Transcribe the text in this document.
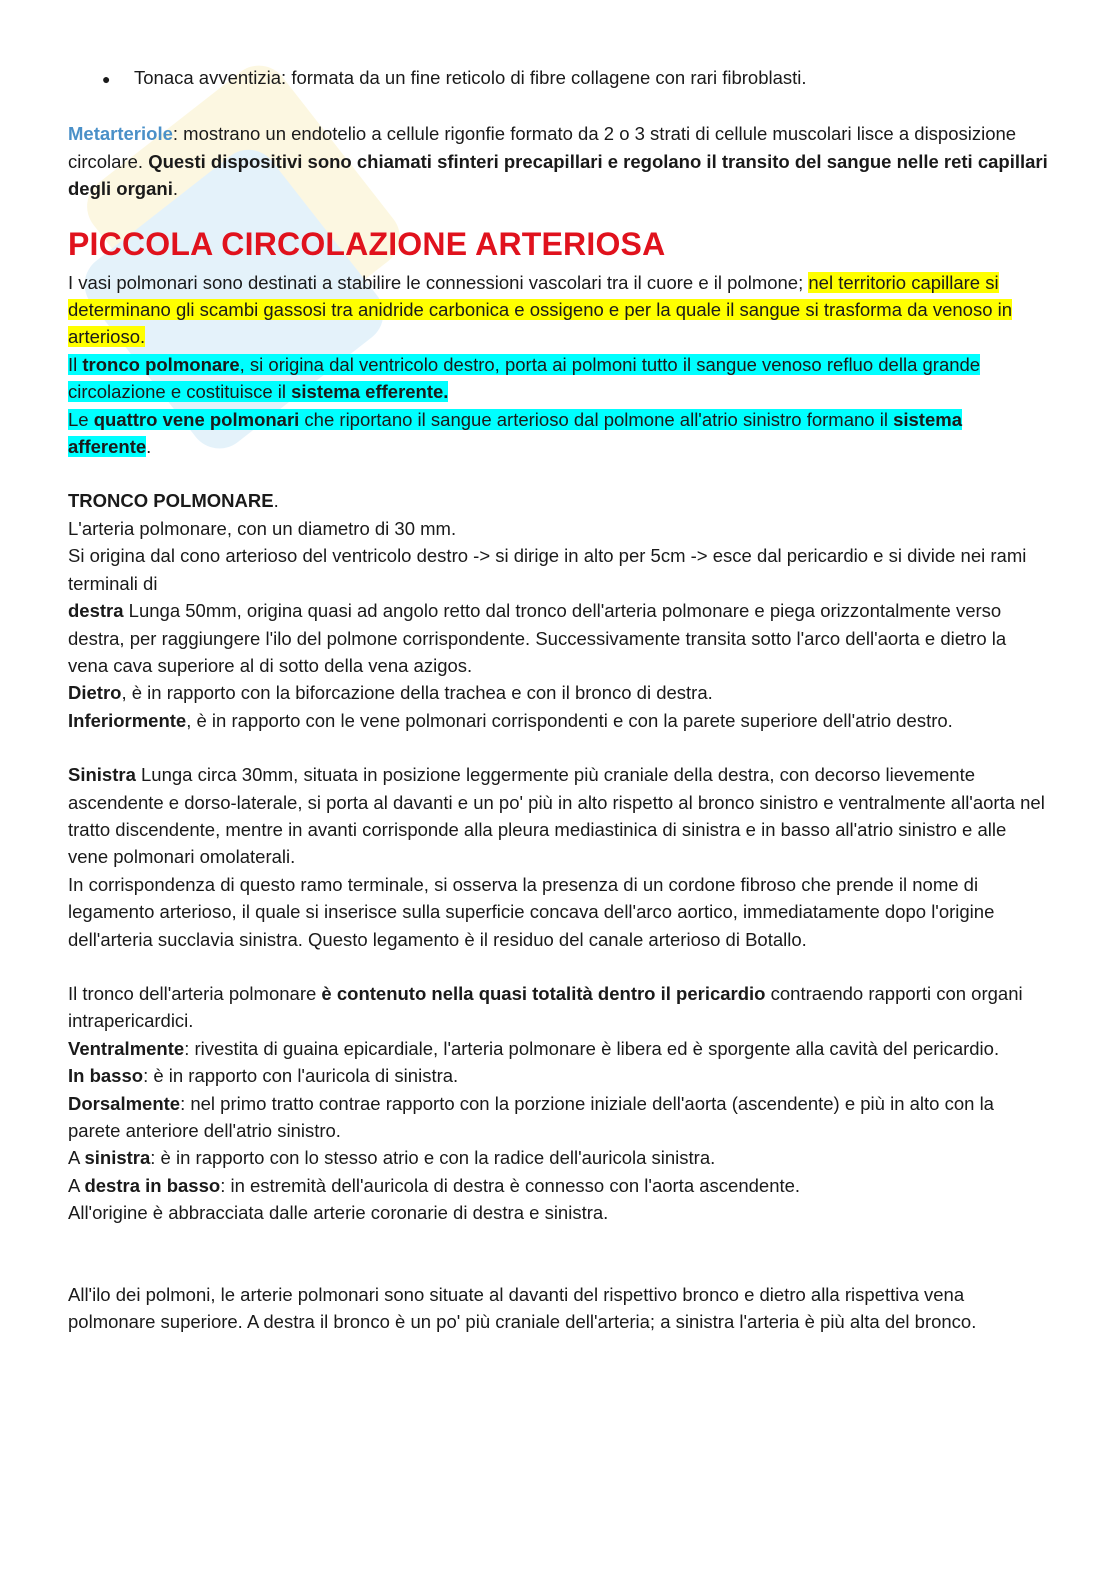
●	Tonaca avventizia: formata da un fine reticolo di fibre collagene con rari fibroblasti.

Metarteriole: mostrano un endotelio a cellule rigonfie formato da 2 o 3 strati di cellule muscolari lisce a disposizione circolare. Questi dispositivi sono chiamati sfinteri precapillari e regolano il transito del sangue nelle reti capillari degli organi.

PICCOLA CIRCOLAZIONE ARTERIOSA

I vasi polmonari sono destinati a stabilire le connessioni vascolari tra il cuore e il polmone; nel territorio capillare si determinano gli scambi gassosi tra anidride carbonica e ossigeno e per la quale il sangue si trasforma da venoso in arterioso.
Il tronco polmonare, si origina dal ventricolo destro, porta ai polmoni tutto il sangue venoso refluo della grande circolazione e costituisce il sistema efferente.
Le quattro vene polmonari che riportano il sangue arterioso dal polmone all'atrio sinistro formano il sistema afferente.

TRONCO POLMONARE.
L'arteria polmonare, con un diametro di 30 mm.
Si origina dal cono arterioso del ventricolo destro -> si dirige in alto per 5cm -> esce dal pericardio e si divide nei rami terminali di
destra Lunga 50mm, origina quasi ad angolo retto dal tronco dell'arteria polmonare e piega orizzontalmente verso destra, per raggiungere l'ilo del polmone corrispondente. Successivamente transita sotto l'arco dell'aorta e dietro la vena cava superiore al di sotto della vena azigos.
Dietro, è in rapporto con la biforcazione della trachea e con il bronco di destra.
Inferiormente, è in rapporto con le vene polmonari corrispondenti e con la parete superiore dell'atrio destro.

Sinistra Lunga circa 30mm, situata in posizione leggermente più craniale della destra, con decorso lievemente ascendente e dorso-laterale, si porta al davanti e un po' più in alto rispetto al bronco sinistro e ventralmente all'aorta nel tratto discendente, mentre in avanti corrisponde alla pleura mediastinica di sinistra e in basso all'atrio sinistro e alle vene polmonari omolaterali.
In corrispondenza di questo ramo terminale, si osserva la presenza di un cordone fibroso che prende il nome di legamento arterioso, il quale si inserisce sulla superficie concava dell'arco aortico, immediatamente dopo l'origine dell'arteria succlavia sinistra. Questo legamento è il residuo del canale arterioso di Botallo.

Il tronco dell'arteria polmonare è contenuto nella quasi totalità dentro il pericardio contraendo rapporti con organi intrapericardici.
Ventralmente: rivestita di guaina epicardiale, l'arteria polmonare è libera ed è sporgente alla cavità del pericardio.
In basso: è in rapporto con l'auricola di sinistra.
Dorsalmente: nel primo tratto contrae rapporto con la porzione iniziale dell'aorta (ascendente) e più in alto con la parete anteriore dell'atrio sinistro.
A sinistra: è in rapporto con lo stesso atrio e con la radice dell'auricola sinistra.
A destra in basso: in estremità dell'auricola di destra è connesso con l'aorta ascendente.
All'origine è abbracciata dalle arterie coronarie di destra e sinistra.

All'ilo dei polmoni, le arterie polmonari sono situate al davanti del rispettivo bronco e dietro alla rispettiva vena polmonare superiore. A destra il bronco è un po' più craniale dell'arteria; a sinistra l'arteria è più alta del bronco.
